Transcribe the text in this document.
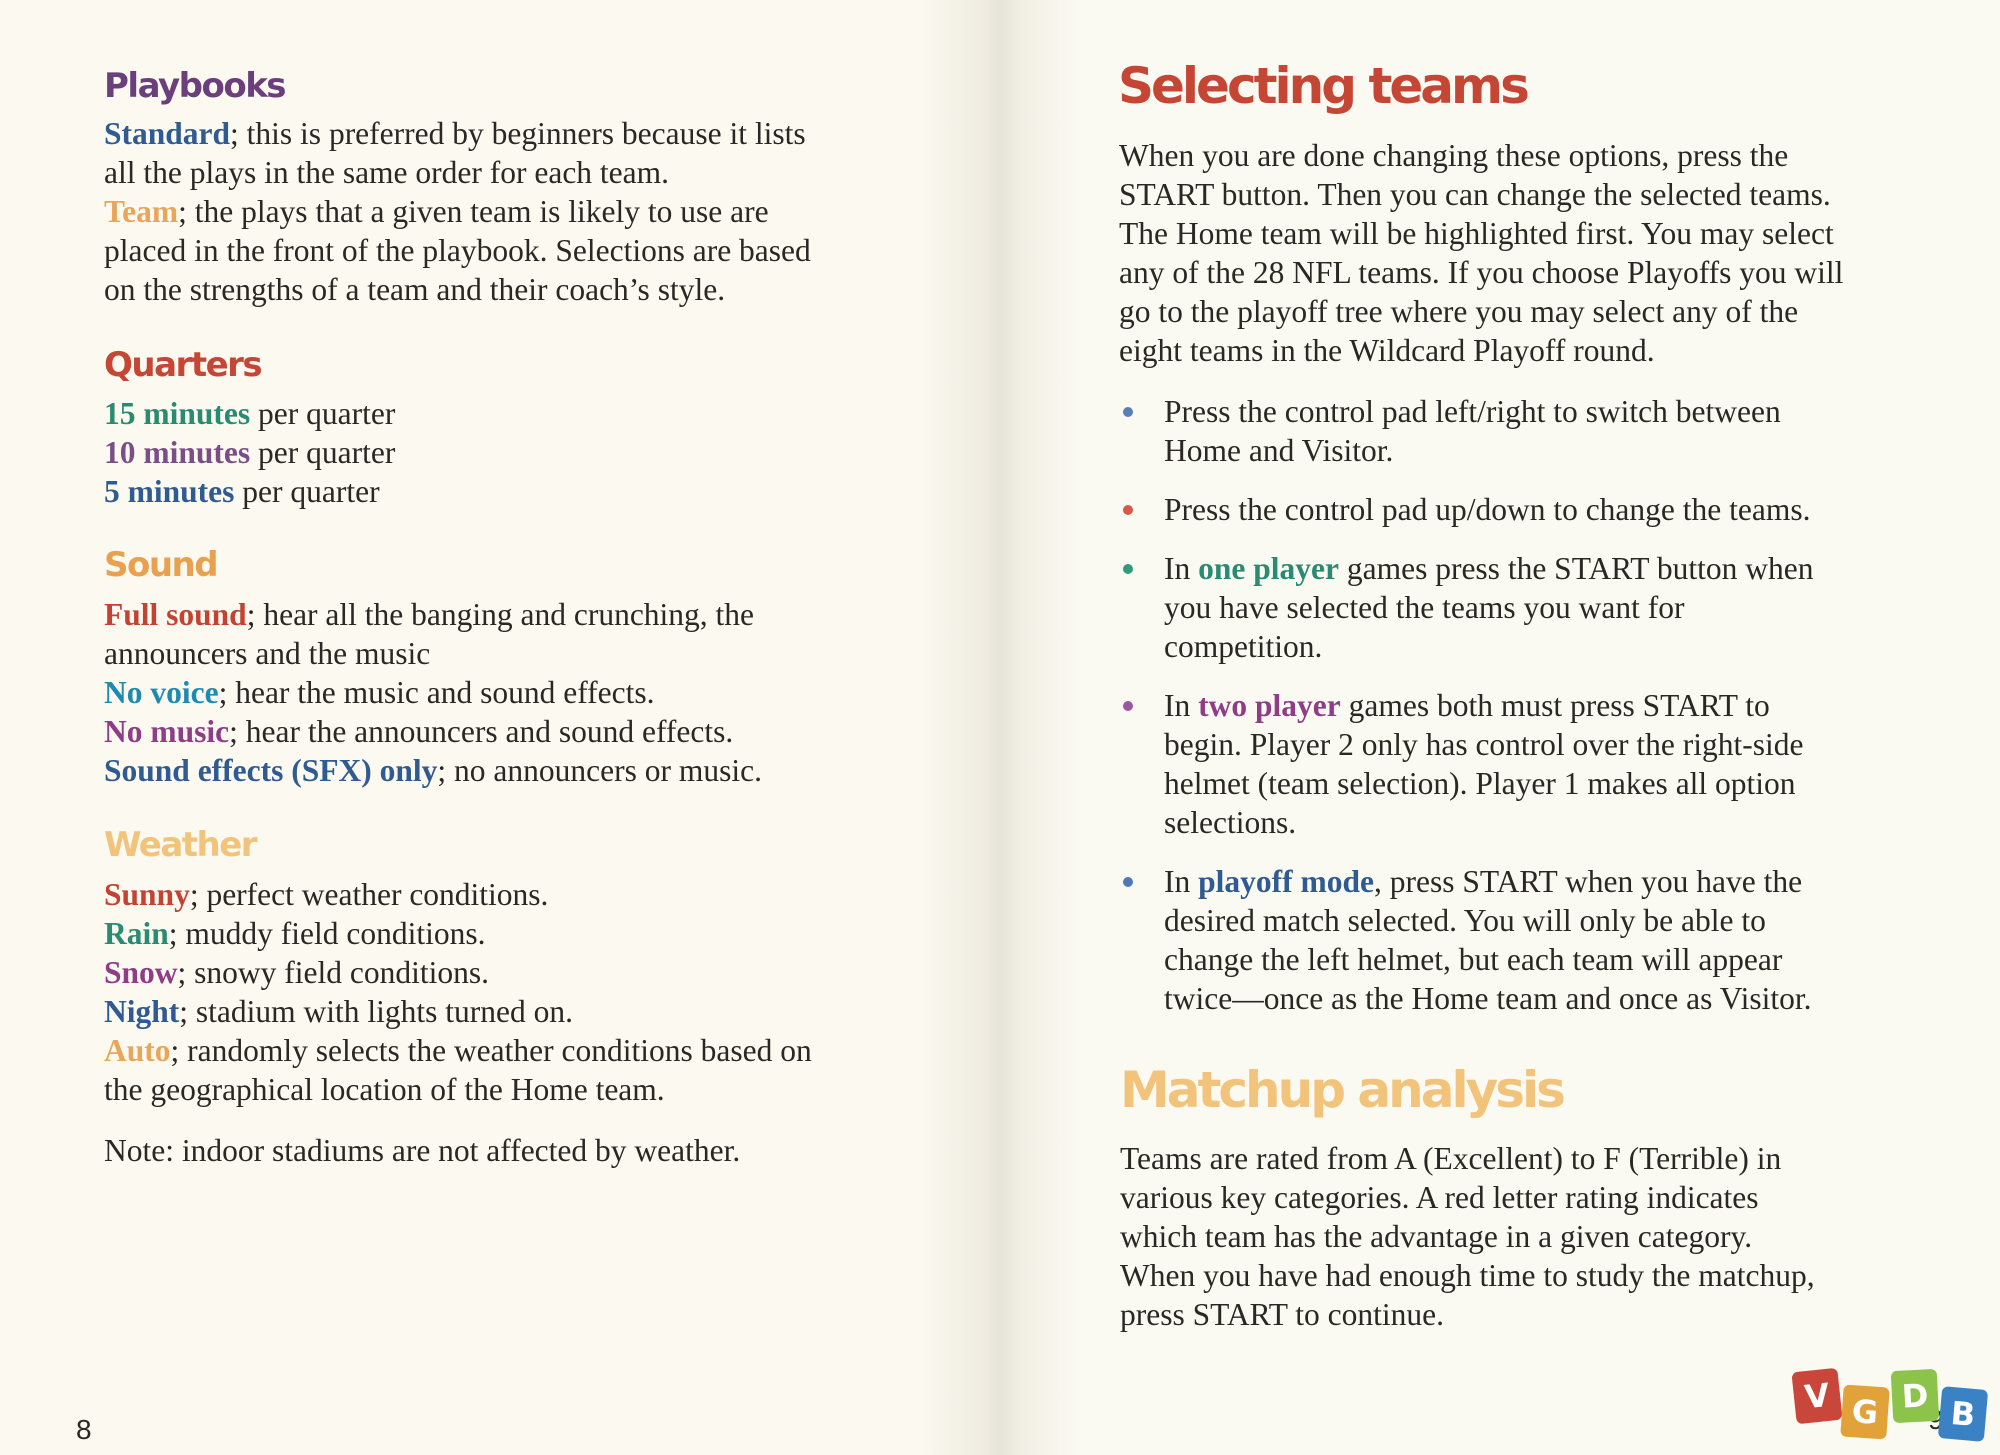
Playbooks
Standard; this is preferred by beginners because it lists
all the plays in the same order for each team.
Team; the plays that a given team is likely to use are
placed in the front of the playbook. Selections are based
on the strengths of a team and their coach’s style.
Quarters
15 minutes per quarter
10 minutes per quarter
5 minutes per quarter
Sound
Full sound; hear all the banging and crunching, the
announcers and the music
No voice; hear the music and sound effects.
No music; hear the announcers and sound effects.
Sound effects (SFX) only; no announcers or music.
Weather
Sunny; perfect weather conditions.
Rain; muddy field conditions.
Snow; snowy field conditions.
Night; stadium with lights turned on.
Auto; randomly selects the weather conditions based on
the geographical location of the Home team.
Note: indoor stadiums are not affected by weather.
8
Selecting teams
When you are done changing these options, press the
START button. Then you can change the selected teams.
The Home team will be highlighted first. You may select
any of the 28 NFL teams. If you choose Playoffs you will
go to the playoff tree where you may select any of the
eight teams in the Wildcard Playoff round.
Press the control pad left/right to switch between
Home and Visitor.
Press the control pad up/down to change the teams.
In one player games press the START button when
you have selected the teams you want for
competition.
In two player games both must press START to
begin. Player 2 only has control over the right-side
helmet (team selection). Player 1 makes all option
selections.
In playoff mode, press START when you have the
desired match selected. You will only be able to
change the left helmet, but each team will appear
twice—once as the Home team and once as Visitor.
Matchup analysis
Teams are rated from A (Excellent) to F (Terrible) in
various key categories. A red letter rating indicates
which team has the advantage in a given category.
When you have had enough time to study the matchup,
press START to continue.
V G D B
